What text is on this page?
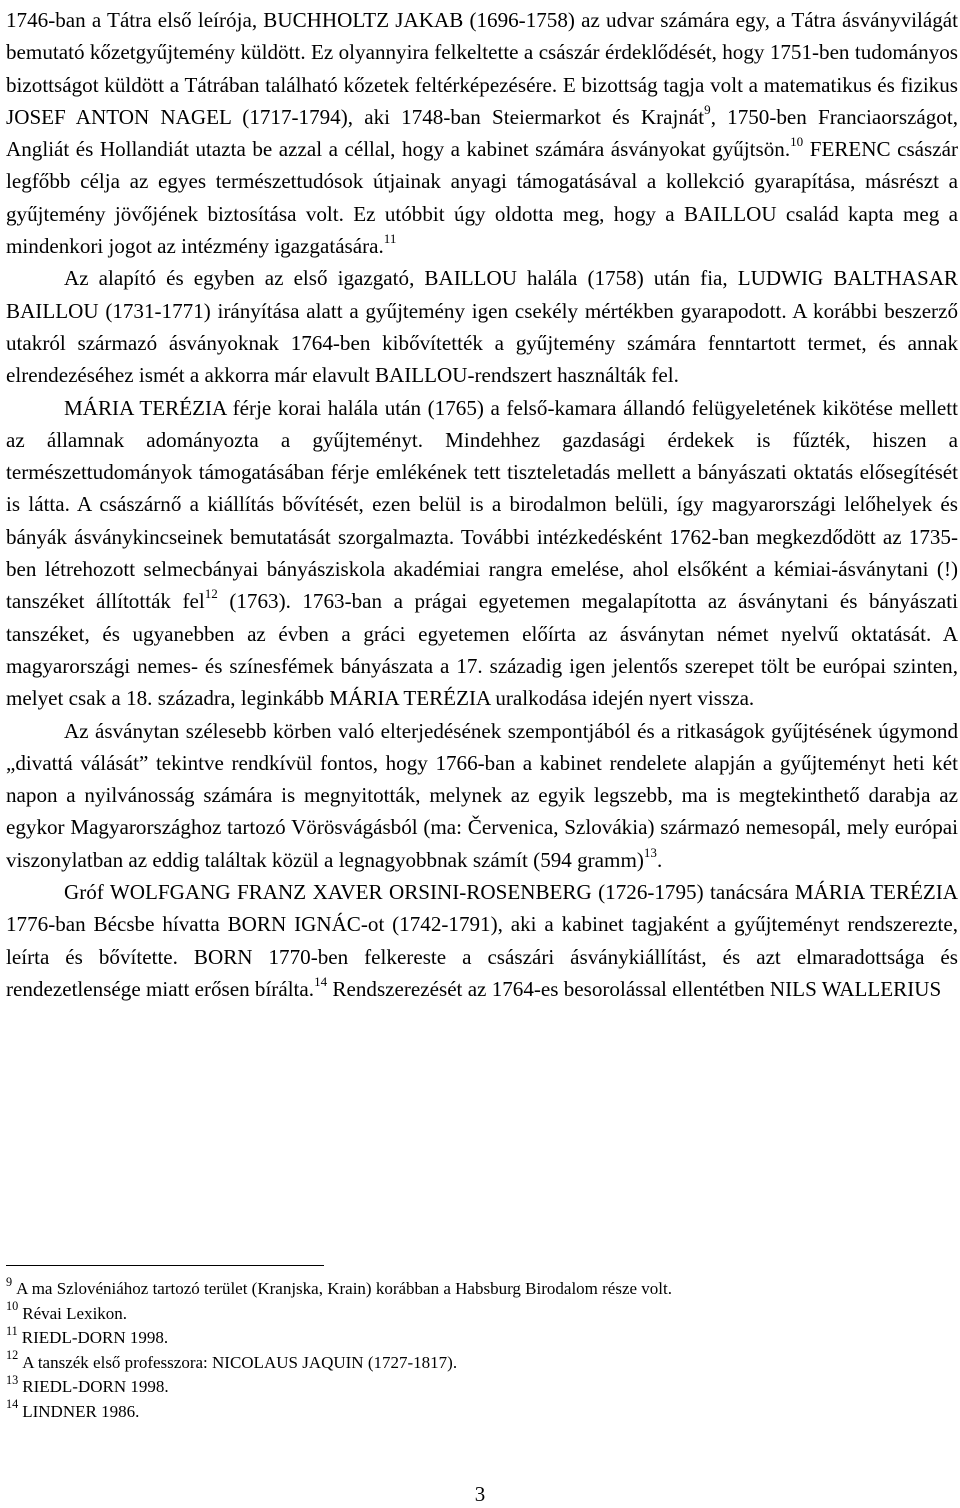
1746-ban a Tátra első leírója, BUCHHOLTZ JAKAB (1696-1758) az udvar számára egy, a Tátra ásványvilágát bemutató kőzetgyűjtemény küldött. Ez olyannyira felkeltette a császár érdeklődését, hogy 1751-ben tudományos bizottságot küldött a Tátrában található kőzetek feltérképezésére. E bizottság tagja volt a matematikus és fizikus JOSEF ANTON NAGEL (1717-1794), aki 1748-ban Steiermarkot és Krajnát$^9$, 1750-ben Franciaországot, Angliát és Hollandiát utazta be azzal a céllal, hogy a kabinet számára ásványokat gyűjtsön.$^{10}$ FERENC császár legfőbb célja az egyes természettudósok útjainak anyagi támogatásával a kollekció gyarapítása, másrészt a gyűjtemény jövőjének biztosítása volt. Ez utóbbit úgy oldotta meg, hogy a BAILLOU család kapta meg a mindenkori jogot az intézmény igazgatására.$^{11}$

Az alapító és egyben az első igazgató, BAILLOU halála (1758) után fia, LUDWIG BALTHASAR BAILLOU (1731-1771) irányítása alatt a gyűjtemény igen csekély mértékben gyarapodott. A korábbi beszerző utakról származó ásványoknak 1764-ben kibővítették a gyűjtemény számára fenntartott termet, és annak elrendezéséhez ismét a akkorra már elavult BAILLOU-rendszert használták fel.

MÁRIA TERÉZIA férje korai halála után (1765) a felső-kamara állandó felügyeletének kikötése mellett az államnak adományozta a gyűjteményt. Mindehhez gazdasági érdekek is fűzték, hiszen a természettudományok támogatásában férje emlékének tett tiszteletadás mellett a bányászati oktatás elősegítését is látta. A császárnő a kiállítás bővítését, ezen belül is a birodalmon belüli, így magyarországi lelőhelyek és bányák ásványkincseinek bemutatását szorgalmazta. További intézkedésként 1762-ban megkezdődött az 1735-ben létrehozott selmecbányai bányásziskola akadémiai rangra emelése, ahol elsőként a kémiai-ásványtani (!) tanszéket állították fel$^{12}$ (1763). 1763-ban a prágai egyetemen megalapította az ásványtani és bányászati tanszéket, és ugyanebben az évben a gráci egyetemen előírta az ásványtan német nyelvű oktatását. A magyarországi nemes- és színesfémek bányászata a 17. századig igen jelentős szerepet tölt be európai szinten, melyet csak a 18. századra, leginkább MÁRIA TERÉZIA uralkodása idején nyert vissza.

Az ásványtan szélesebb körben való elterjedésének szempontjából és a ritkaságok gyűjtésének úgymond „divattá válását” tekintve rendkívül fontos, hogy 1766-ban a kabinet rendelete alapján a gyűjteményt heti két napon a nyilvánosság számára is megnyitották, melynek az egyik legszebb, ma is megtekinthető darabja az egykor Magyarországhoz tartozó Vörösvágásból (ma: Červenica, Szlovákia) származó nemesopál, mely európai viszonylatban az eddig találtak közül a legnagyobbnak számít (594 gramm)$^{13}$.

Gróf WOLFGANG FRANZ XAVER ORSINI-ROSENBERG (1726-1795) tanácsára MÁRIA TERÉZIA 1776-ban Bécsbe hívatta BORN IGNÁC-ot (1742-1791), aki a kabinet tagjaként a gyűjteményt rendszerezte, leírta és bővítette. BORN 1770-ben felkereste a császári ásványkiállítást, és azt elmaradottsága és rendezetlensége miatt erősen bírálta.$^{14}$ Rendszerezését az 1764-es besorolással ellentétben NILS WALLERIUS

$^9$ A ma Szlovéniához tartozó terület (Kranjska, Krain) korábban a Habsburg Birodalom része volt.
$^{10}$ Révai Lexikon.
$^{11}$ RIEDL-DORN 1998.
$^{12}$ A tanszék első professzora: NICOLAUS JAQUIN (1727-1817).
$^{13}$ RIEDL-DORN 1998.
$^{14}$ LINDNER 1986.
3
